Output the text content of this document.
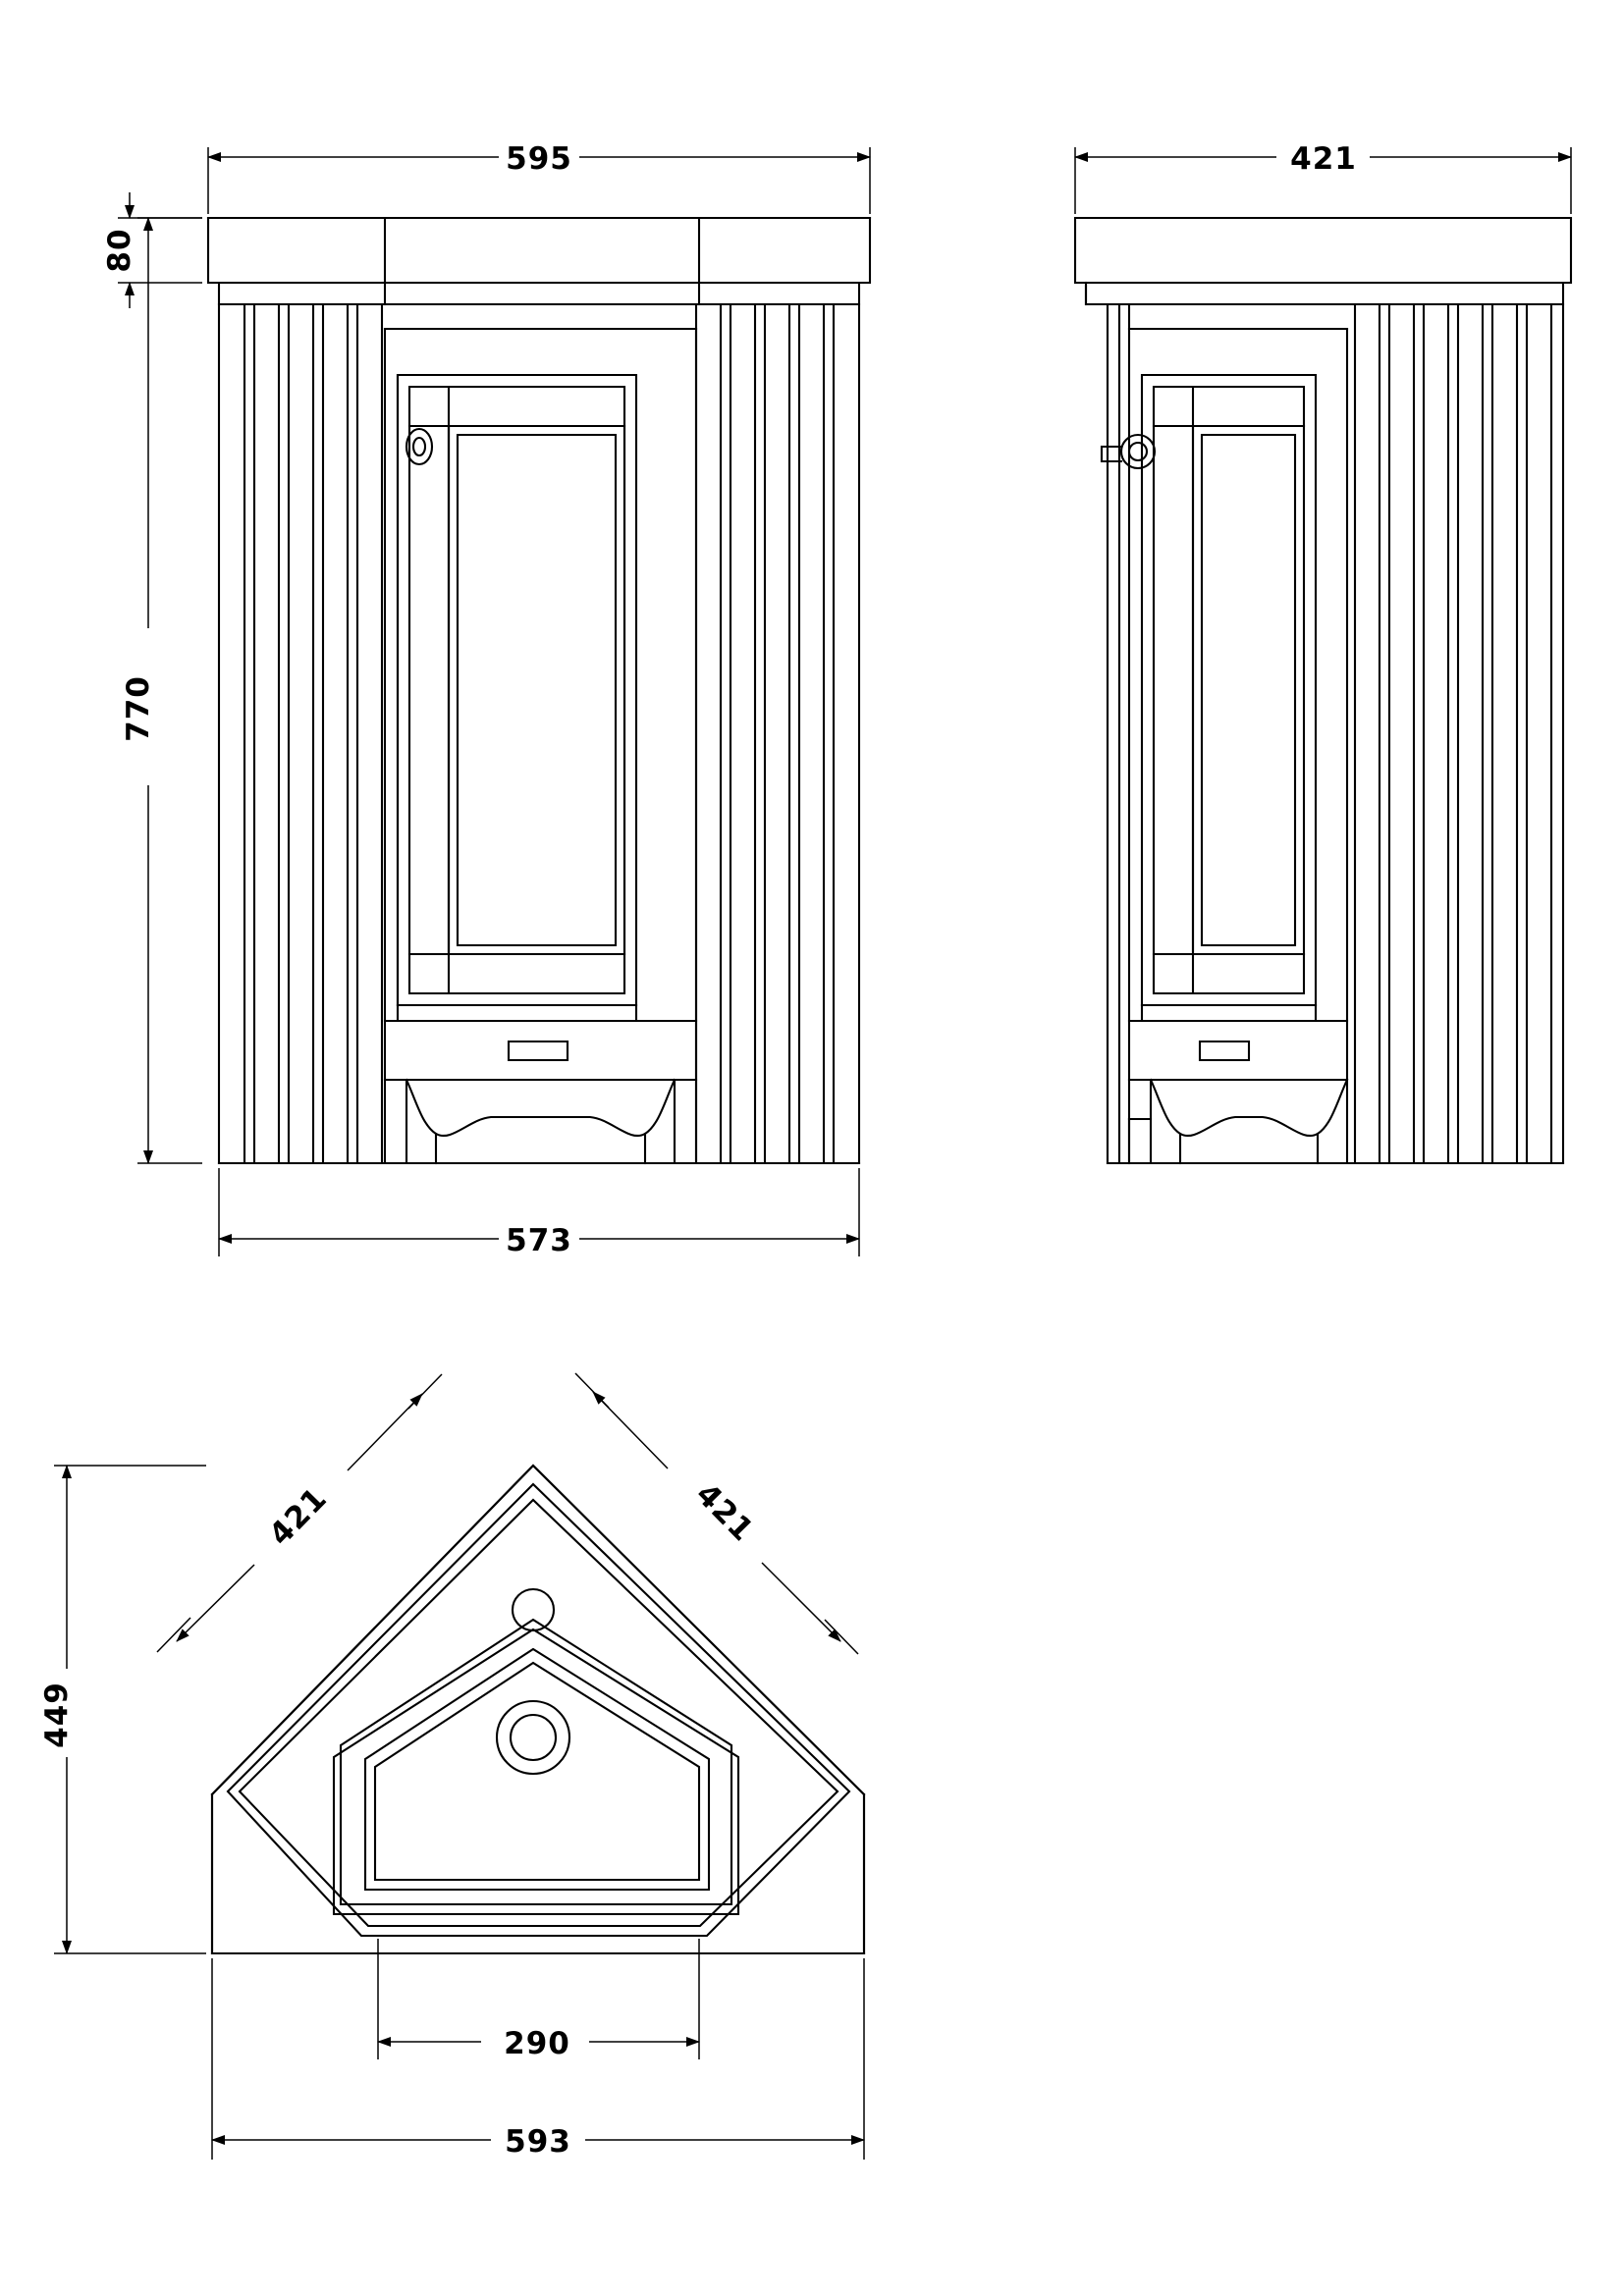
595
80
770
573
421
421	421
449
290
593
